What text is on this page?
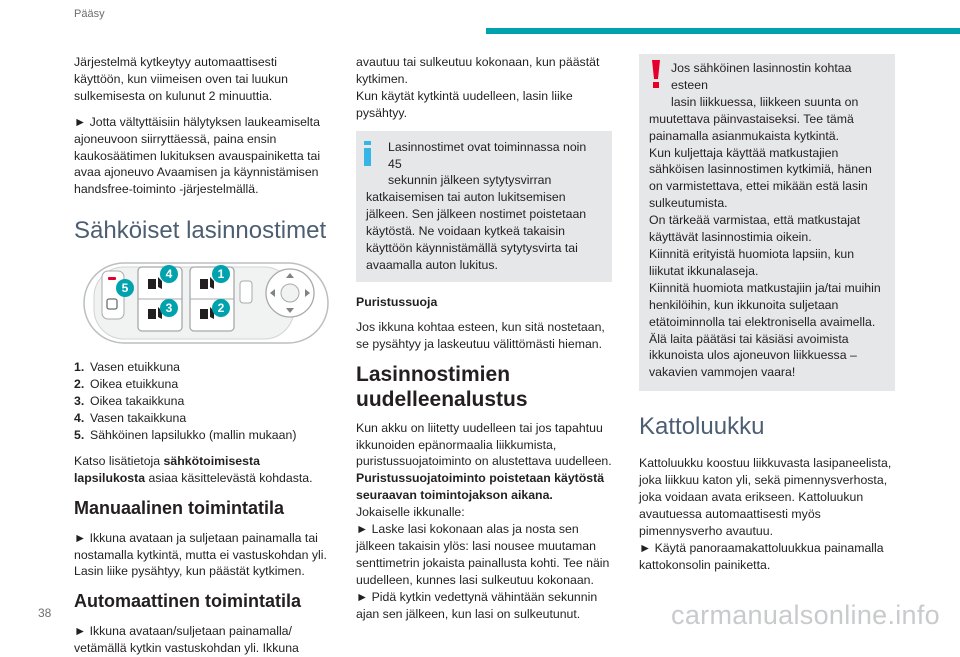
Pääsy

Järjestelmä kytkeytyy automaattisesti käyttöön, kun viimeisen oven tai luukun sulkemisesta on kulunut 2 minuuttia.

► Jotta vältyttäisiin hälytyksen laukeamiselta ajoneuvoon siirryttäessä, paina ensin kaukosäätimen lukituksen avauspainiketta tai avaa ajoneuvo Avaamisen ja käynnistämisen handsfree-toiminto -järjestelmällä.

Sähköiset lasinnostimet
5
4
3
1
2
1. Vasen etuikkuna
2. Oikea etuikkuna
3. Oikea takaikkuna
4. Vasen takaikkuna
5. Sähköinen lapsilukko (mallin mukaan)

Katso lisätietoja sähkötoimisesta lapsilukosta asiaa käsittelevästä kohdasta.

Manuaalinen toimintatila

► Ikkuna avataan ja suljetaan painamalla tai nostamalla kytkintä, mutta ei vastuskohdan yli. Lasin liike pysähtyy, kun päästät kytkimen.

Automaattinen toimintatila

► Ikkuna avataan/suljetaan painamalla/ vetämällä kytkin vastuskohdan yli. Ikkuna

avautuu tai sulkeutuu kokonaan, kun päästät kytkimen.

Kun käytät kytkintä uudelleen, lasin liike pysähtyy.

Lasinnostimet ovat toiminnassa noin 45

sekunnin jälkeen sytytysvirran

katkaisemisen tai auton lukitsemisen jälkeen. Sen jälkeen nostimet poistetaan käytöstä. Ne voidaan kytkeä takaisin käyttöön käynnistämällä sytytysvirta tai avaamalla auton lukitus.

Puristussuoja

Jos ikkuna kohtaa esteen, kun sitä nostetaan, se pysähtyy ja laskeutuu välittömästi hieman.

Lasinnostimien uudelleenalustus

Kun akku on liitetty uudelleen tai jos tapahtuu ikkunoiden epänormaalia liikkumista, puristussuojatoiminto on alustettava uudelleen.

Puristussuojatoiminto poistetaan käytöstä seuraavan toimintojakson aikana.

Jokaiselle ikkunalle:

► Laske lasi kokonaan alas ja nosta sen jälkeen takaisin ylös: lasi nousee muutaman senttimetrin jokaista painallusta kohti. Tee näin uudelleen, kunnes lasi sulkeutuu kokonaan.

► Pidä kytkin vedettynä vähintään sekunnin ajan sen jälkeen, kun lasi on sulkeutunut.

Jos sähköinen lasinnostin kohtaa esteen

lasin liikkuessa, liikkeen suunta on

muutettava päinvastaiseksi. Tee tämä painamalla asianmukaista kytkintä.

Kun kuljettaja käyttää matkustajien sähköisen lasinnostimen kytkimiä, hänen on varmistettava, ettei mikään estä lasin sulkeutumista.

On tärkeää varmistaa, että matkustajat käyttävät lasinnostimia oikein.

Kiinnitä erityistä huomiota lapsiin, kun liikutat ikkunalaseja.

Kiinnitä huomiota matkustajiin ja/tai muihin henkilöihin, kun ikkunoita suljetaan etätoiminnolla tai elektronisella avaimella.

Älä laita päätäsi tai käsiäsi avoimista ikkunoista ulos ajoneuvon liikkuessa – vakavien vammojen vaara!

Kattoluukku

Kattoluukku koostuu liikkuvasta lasipaneelista, joka liikkuu katon yli, sekä pimennysverhosta, joka voidaan avata erikseen. Kattoluukun avautuessa automaattisesti myös pimennysverho avautuu.

► Käytä panoraamakattoluukkua painamalla kattokonsolin painiketta.

38	carmanualsonline.info
